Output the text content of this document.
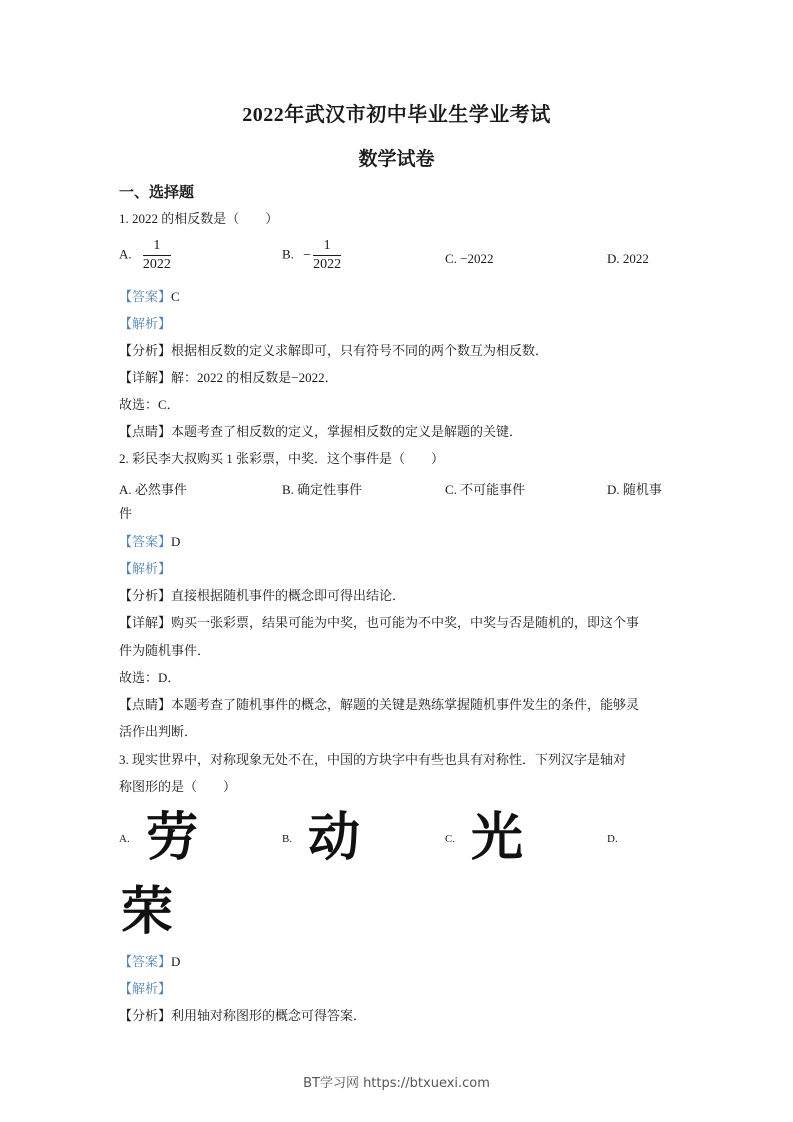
2022年武汉市初中毕业生学业考试
数学试卷
一、选择题
1. 2022 的相反数是（　　）
A. $\frac{1}{2022}$	B. − $\frac{1}{2022}$	C. −2022	D. 2022
【答案】C
【解析】
【分析】根据相反数的定义求解即可，只有符号不同的两个数互为相反数．
【详解】解：2022 的相反数是−2022．
故选：C．
【点睛】本题考查了相反数的定义，掌握相反数的定义是解题的关键．
2. 彩民李大叔购买 1 张彩票，中奖．这个事件是（　　）
A. 必然事件	B. 确定性事件	C. 不可能事件	D. 随机事
件
【答案】D
【解析】
【分析】直接根据随机事件的概念即可得出结论．
【详解】购买一张彩票，结果可能为中奖，也可能为不中奖，中奖与否是随机的，即这个事
件为随机事件．
故选：D．
【点睛】本题考查了随机事件的概念，解题的关键是熟练掌握随机事件发生的条件，能够灵
活作出判断．
3. 现实世界中，对称现象无处不在，中国的方块字中有些也具有对称性．下列汉字是轴对
称图形的是（　　）
A. 劳	B. 动	C. 光	D.
荣
【答案】D
【解析】
【分析】利用轴对称图形的概念可得答案．
BT学习网 https://btxuexi.com
